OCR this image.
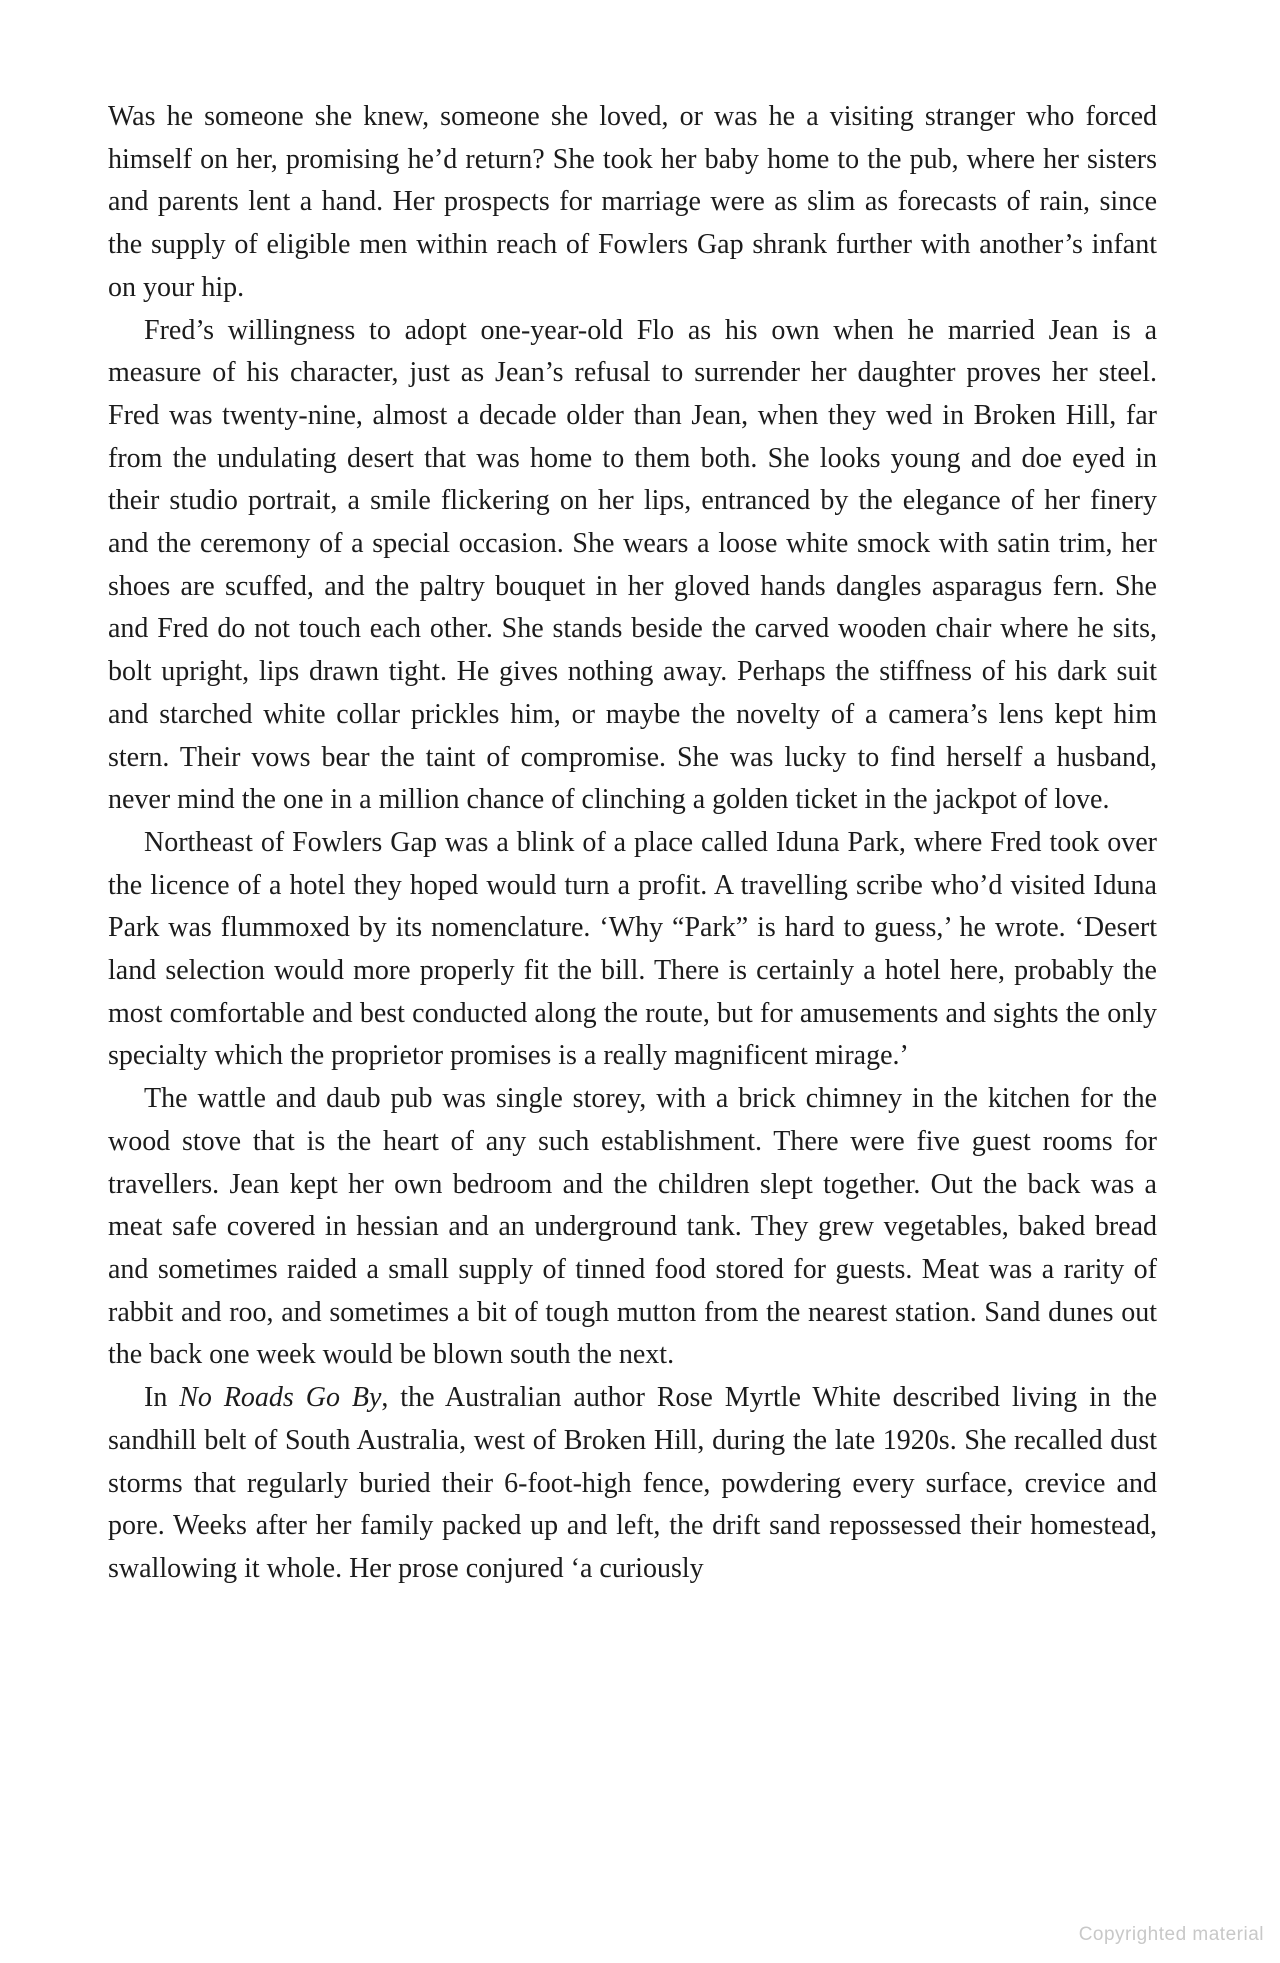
Was he someone she knew, someone she loved, or was he a visiting stranger who forced himself on her, promising he’d return? She took her baby home to the pub, where her sisters and parents lent a hand. Her prospects for marriage were as slim as forecasts of rain, since the supply of eligible men within reach of Fowlers Gap shrank further with another’s infant on your hip.

Fred’s willingness to adopt one-year-old Flo as his own when he married Jean is a measure of his character, just as Jean’s refusal to surrender her daughter proves her steel. Fred was twenty-nine, almost a decade older than Jean, when they wed in Broken Hill, far from the undulating desert that was home to them both. She looks young and doe eyed in their studio portrait, a smile flickering on her lips, entranced by the elegance of her finery and the ceremony of a special occasion. She wears a loose white smock with satin trim, her shoes are scuffed, and the paltry bouquet in her gloved hands dangles asparagus fern. She and Fred do not touch each other. She stands beside the carved wooden chair where he sits, bolt upright, lips drawn tight. He gives nothing away. Perhaps the stiffness of his dark suit and starched white collar prickles him, or maybe the novelty of a camera’s lens kept him stern. Their vows bear the taint of compromise. She was lucky to find herself a husband, never mind the one in a million chance of clinching a golden ticket in the jackpot of love.

Northeast of Fowlers Gap was a blink of a place called Iduna Park, where Fred took over the licence of a hotel they hoped would turn a profit. A travelling scribe who’d visited Iduna Park was flummoxed by its nomenclature. ‘Why “Park” is hard to guess,’ he wrote. ‘Desert land selection would more properly fit the bill. There is certainly a hotel here, probably the most comfortable and best conducted along the route, but for amusements and sights the only specialty which the proprietor promises is a really magnificent mirage.’

The wattle and daub pub was single storey, with a brick chimney in the kitchen for the wood stove that is the heart of any such establishment. There were five guest rooms for travellers. Jean kept her own bedroom and the children slept together. Out the back was a meat safe covered in hessian and an underground tank. They grew vegetables, baked bread and sometimes raided a small supply of tinned food stored for guests. Meat was a rarity of rabbit and roo, and sometimes a bit of tough mutton from the nearest station. Sand dunes out the back one week would be blown south the next.

In No Roads Go By, the Australian author Rose Myrtle White described living in the sandhill belt of South Australia, west of Broken Hill, during the late 1920s. She recalled dust storms that regularly buried their 6-foot-high fence, powdering every surface, crevice and pore. Weeks after her family packed up and left, the drift sand repossessed their homestead, swallowing it whole. Her prose conjured ‘a curiously

Copyrighted material
